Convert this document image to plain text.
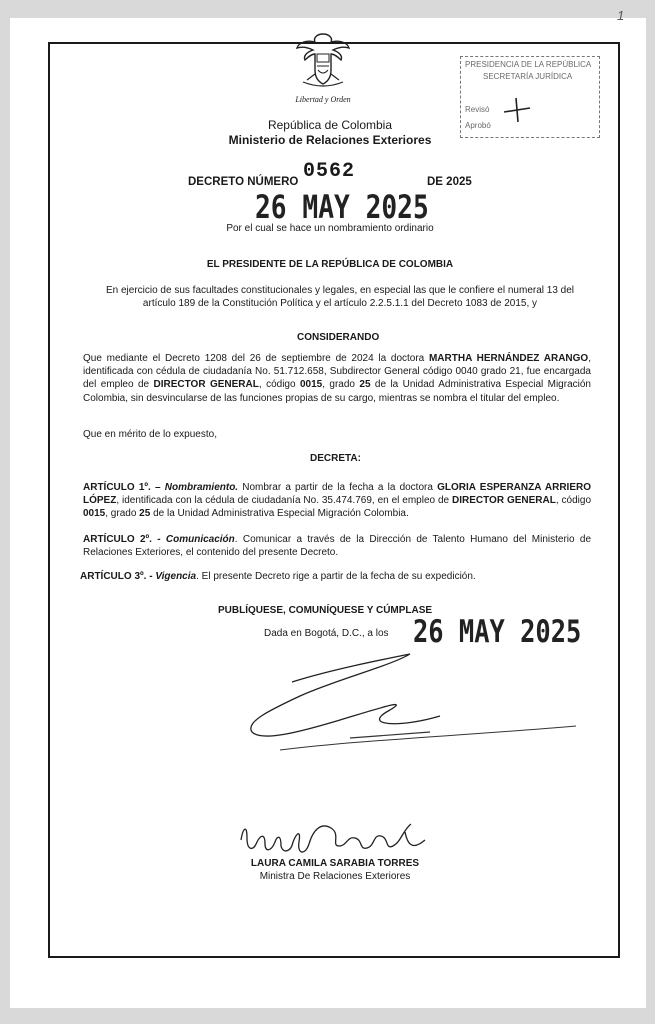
1
Libertad y Orden
PRESIDENCIA DE LA REPÚBLICA
SECRETARÍA JURÍDICA
Revisó
Aprobó
República de Colombia
Ministerio de Relaciones Exteriores
DECRETO NÚMERO 0562	DE 2025
26 MAY 2025
Por el cual se hace un nombramiento ordinario
EL PRESIDENTE DE LA REPÚBLICA DE COLOMBIA
En ejercicio de sus facultades constitucionales y legales, en especial las que le confiere el numeral 13 del artículo 189 de la Constitución Política y el artículo 2.2.5.1.1 del Decreto 1083 de 2015, y
CONSIDERANDO
Que mediante el Decreto 1208 del 26 de septiembre de 2024 la doctora MARTHA HERNÁNDEZ ARANGO, identificada con cédula de ciudadanía No. 51.712.658, Subdirector General código 0040 grado 21, fue encargada del empleo de DIRECTOR GENERAL, código 0015, grado 25 de la Unidad Administrativa Especial Migración Colombia, sin desvincularse de las funciones propias de su cargo, mientras se nombra el titular del empleo.
Que en mérito de lo expuesto,
DECRETA:
ARTÍCULO 1º. – Nombramiento. Nombrar a partir de la fecha a la doctora GLORIA ESPERANZA ARRIERO LÓPEZ, identificada con la cédula de ciudadanía No. 35.474.769, en el empleo de DIRECTOR GENERAL, código 0015, grado 25 de la Unidad Administrativa Especial Migración Colombia.
ARTÍCULO 2º. - Comunicación. Comunicar a través de la Dirección de Talento Humano del Ministerio de Relaciones Exteriores, el contenido del presente Decreto.
ARTÍCULO 3º. - Vigencia. El presente Decreto rige a partir de la fecha de su expedición.
PUBLÍQUESE, COMUNÍQUESE Y CÚMPLASE
Dada en Bogotá, D.C., a los 26 MAY 2025
LAURA CAMILA SARABIA TORRES
Ministra De Relaciones Exteriores
